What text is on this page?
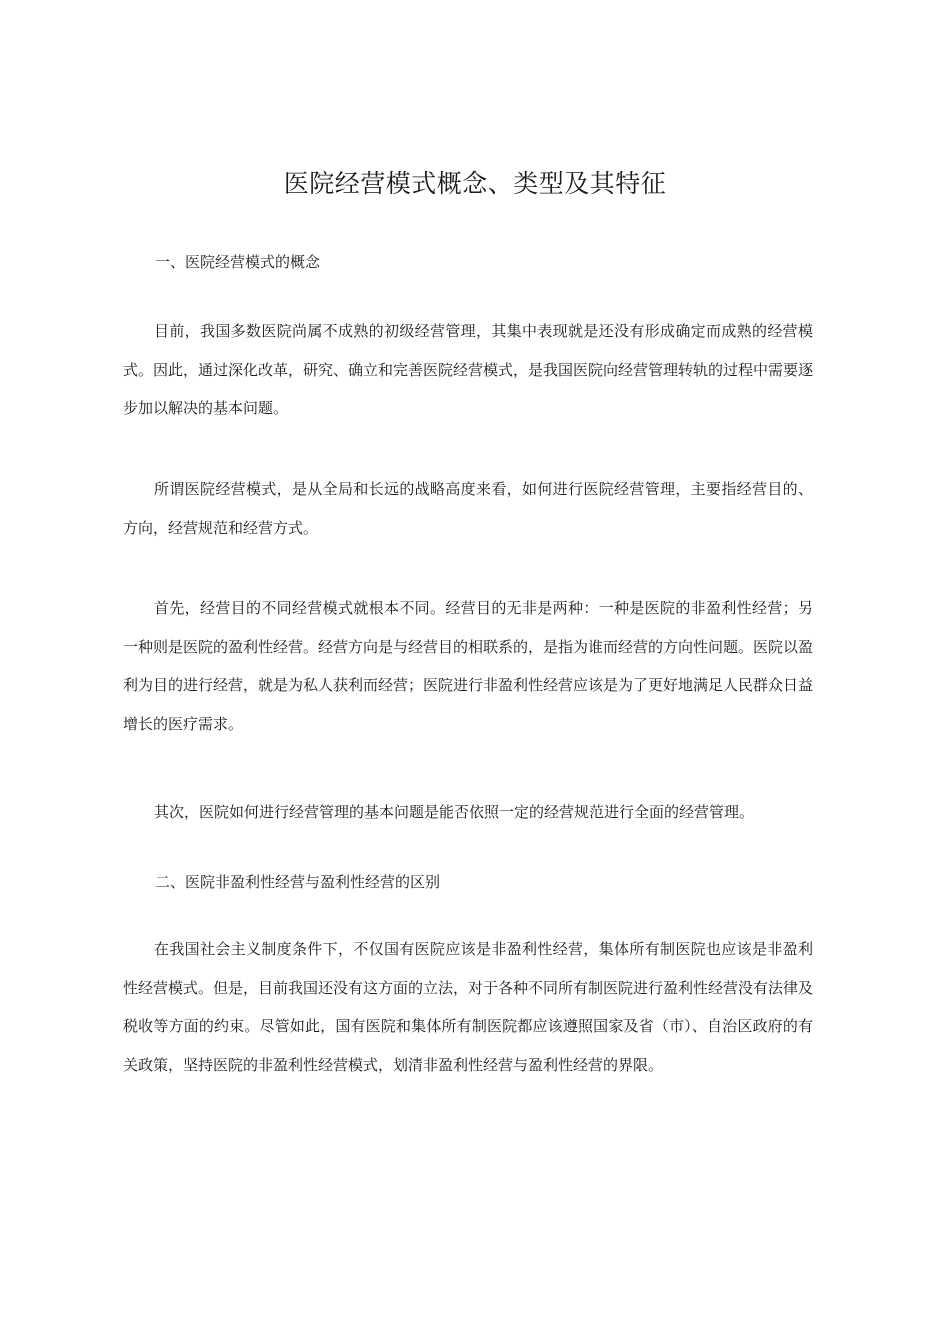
医院经营模式概念、类型及其特征
一、医院经营模式的概念

目前，我国多数医院尚属不成熟的初级经营管理，其集中表现就是还没有形成确定而成熟的经营模式。因此，通过深化改革，研究、确立和完善医院经营模式，是我国医院向经营管理转轨的过程中需要逐步加以解决的基本问题。

所谓医院经营模式，是从全局和长远的战略高度来看，如何进行医院经营管理，主要指经营目的、方向，经营规范和经营方式。

首先，经营目的不同经营模式就根本不同。经营目的无非是两种：一种是医院的非盈利性经营；另一种则是医院的盈利性经营。经营方向是与经营目的相联系的，是指为谁而经营的方向性问题。医院以盈利为目的进行经营，就是为私人获利而经营；医院进行非盈利性经营应该是为了更好地满足人民群众日益增长的医疗需求。

其次，医院如何进行经营管理的基本问题是能否依照一定的经营规范进行全面的经营管理。

二、医院非盈利性经营与盈利性经营的区别

在我国社会主义制度条件下，不仅国有医院应该是非盈利性经营，集体所有制医院也应该是非盈利性经营模式。但是，目前我国还没有这方面的立法，对于各种不同所有制医院进行盈利性经营没有法律及税收等方面的约束。尽管如此，国有医院和集体所有制医院都应该遵照国家及省（市）、自治区政府的有关政策，坚持医院的非盈利性经营模式，划清非盈利性经营与盈利性经营的界限。
